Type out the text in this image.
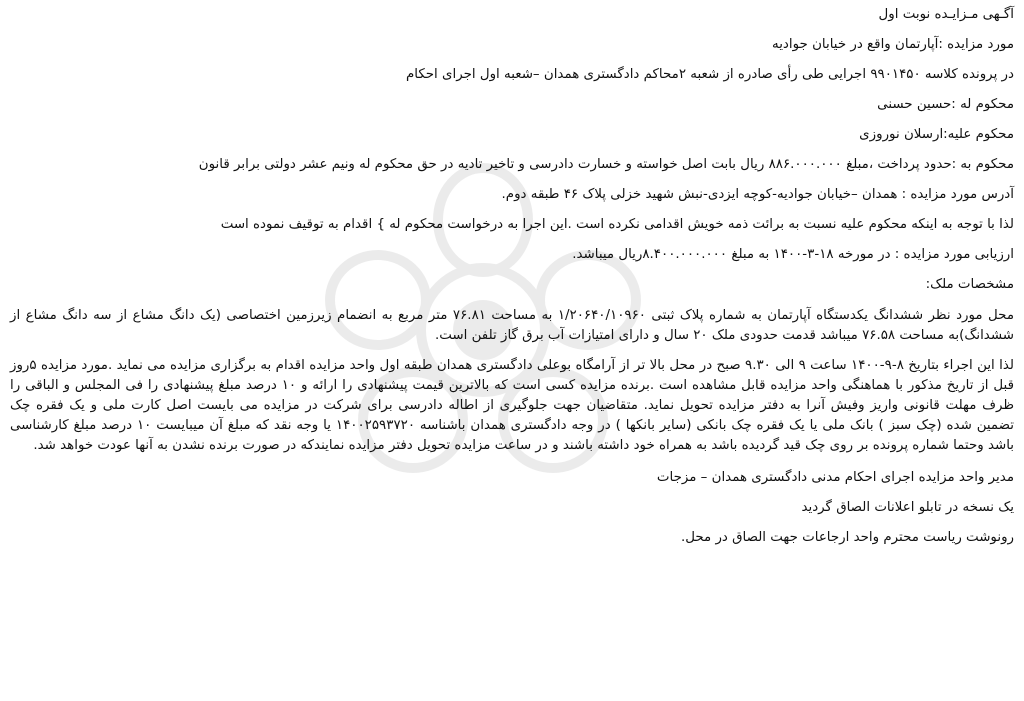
آگـهی مـزایـده نوبت اول
مورد مزایده :آپارتمان واقع در خیابان جوادیه
در پرونده کلاسه ۹۹۰۱۴۵۰ اجرایی طی رأی صادره از شعبه ۲محاکم دادگستری همدان –شعبه اول اجرای احکام
محکوم له :حسین حسنی
محکوم علیه:ارسلان نوروزی
محکوم به :حدود پرداخت ،مبلغ ۸۸۶.۰۰۰.۰۰۰ ریال بابت اصل خواسته و خسارت دادرسی و تاخیر تادیه در حق محکوم له ونیم عشر دولتی برابر قانون
آدرس مورد مزایده : همدان –خیابان جوادیه-کوچه ایزدی-نبش شهید خزلی پلاک ۴۶ طبقه دوم.
لذا با توجه به اینکه محکوم علیه نسبت به برائت ذمه خویش اقدامی نکرده است .این اجرا به درخواست محکوم له } اقدام به توقیف نموده است
ارزیابی مورد مزایده : در مورخه ۱۸-۳-۱۴۰۰ به مبلغ ۸.۴۰۰.۰۰۰.۰۰۰ریال میباشد.
مشخصات ملک:
محل مورد نظر ششدانگ یکدستگاه آپارتمان به شماره پلاک ثبتی ۱/۲۰۶۴۰/۱۰۹۶۰ به مساحت ۷۶.۸۱ متر مربع به انضمام زیرزمین اختصاصی (یک دانگ مشاع از سه دانگ مشاع از ششدانگ)به مساحت ۷۶.۵۸ میباشد قدمت حدودی ملک ۲۰ سال و دارای امتیازات آب برق گاز تلفن است.
لذا این اجراء بتاریخ ۸-۹-۱۴۰۰ ساعت ۹ الی ۹.۳۰ صبح در محل بالا تر از آرامگاه بوعلی دادگستری همدان طبقه اول واحد مزایده اقدام به برگزاری مزایده می نماید .مورد مزایده ۵روز قبل از تاریخ مذکور با هماهنگی واحد مزایده قابل مشاهده است .برنده مزایده کسی است که بالاترین قیمت پیشنهادی را ارائه و ۱۰ درصد مبلغ پیشنهادی را فی المجلس و الباقی را ظرف مهلت قانونی واریز وفیش آنرا به دفتر مزایده تحویل نماید. متقاضیان جهت جلوگیری از اطاله دادرسی برای شرکت در مزایده می بایست اصل کارت ملی و یک فقره چک تضمین شده (چک سبز ) بانک ملی یا یک فقره چک بانکی (سایر بانکها ) در وجه دادگستری همدان باشناسه ۱۴۰۰۲۵۹۳۷۲۰ یا وجه نقد که مبلغ آن میبایست ۱۰ درصد مبلغ کارشناسی باشد وحتما شماره پرونده بر روی چک قید گردیده باشد به همراه خود داشته باشند و در ساعت مزایده تحویل دفتر مزایده نمایندکه در صورت برنده نشدن به آنها عودت خواهد شد.
مدیر واحد مزایده اجرای احکام مدنی دادگستری همدان – مزجات
یک نسخه در تابلو اعلانات الصاق گردید
رونوشت ریاست محترم واحد ارجاعات جهت الصاق در محل.
